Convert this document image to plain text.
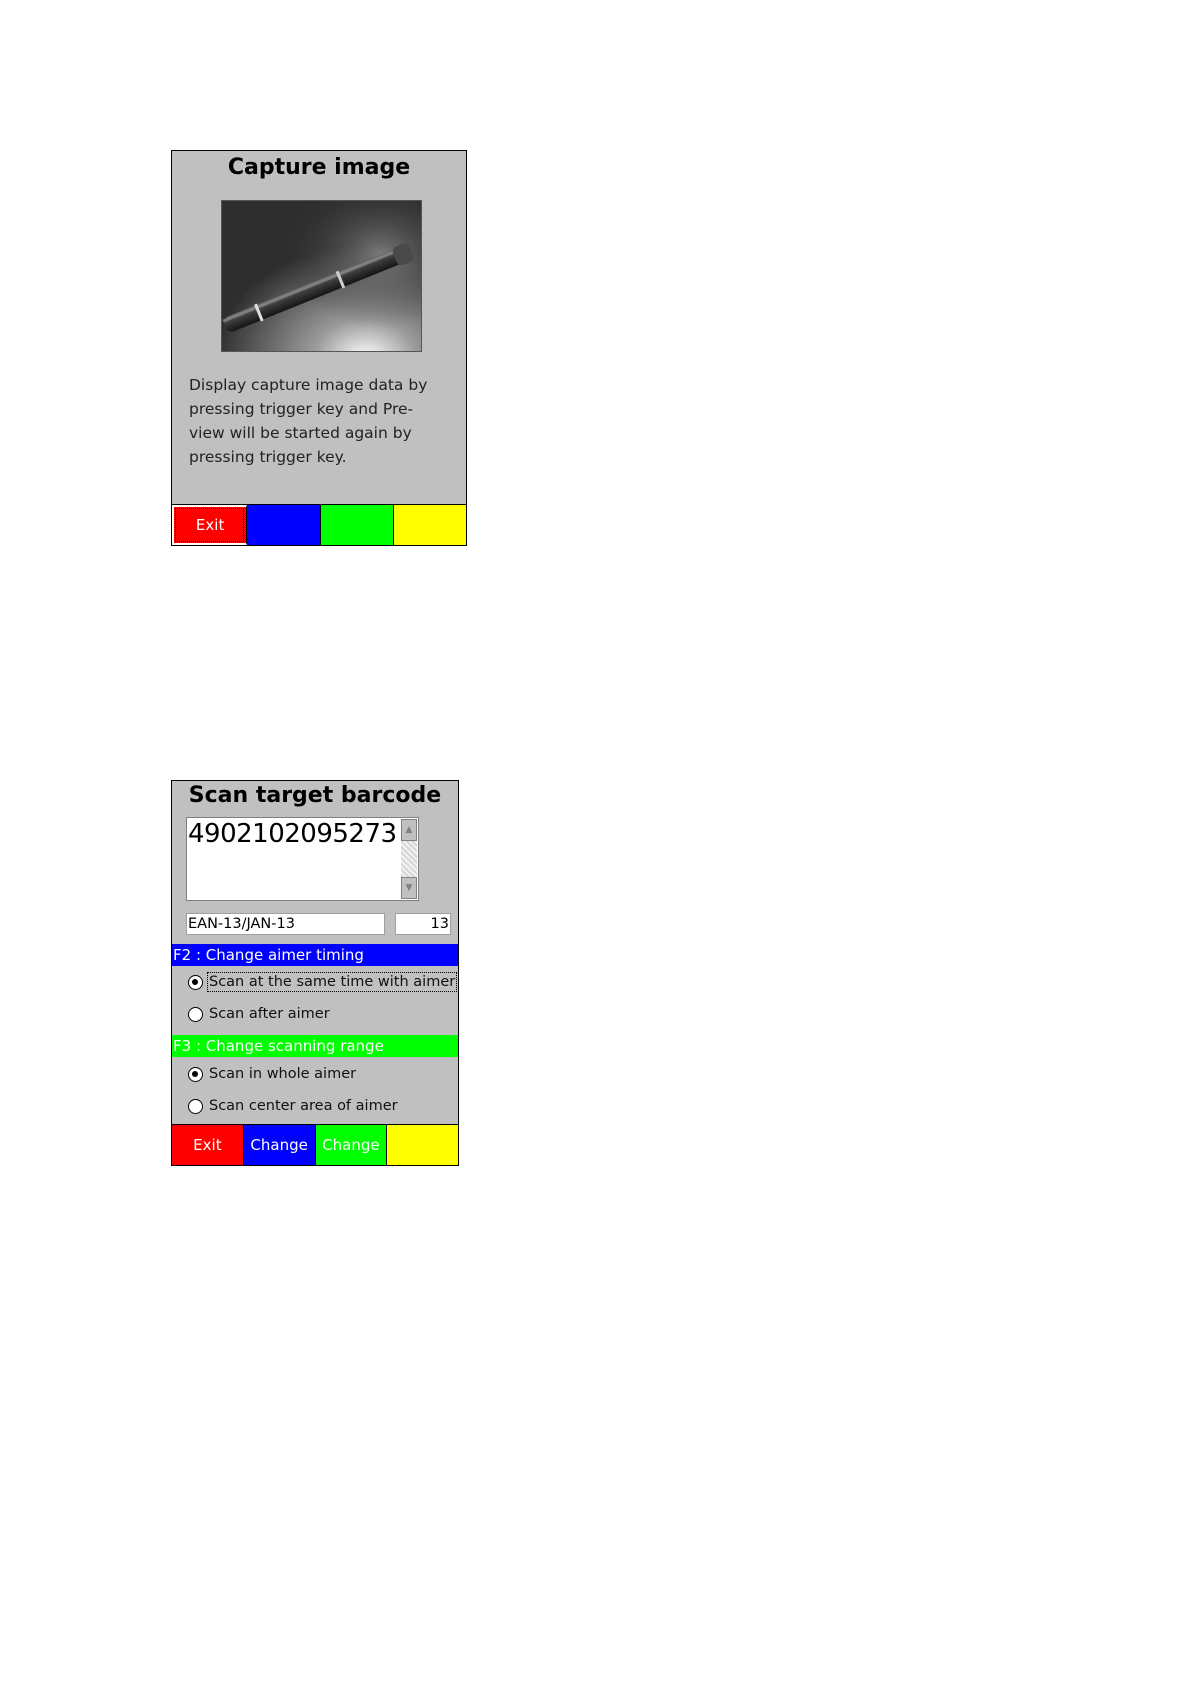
Capture image
Display capture image data by
pressing trigger key and Pre-
view will be started again by
pressing trigger key.
Exit
Scan target barcode
4902102095273 ▲
▼
EAN-13/JAN-13	13
F2 : Change aimer timing
Scan at the same time with aimer
Scan after aimer
F3 : Change scanning range
Scan in whole aimer
Scan center area of aimer
Exit	Change Change
